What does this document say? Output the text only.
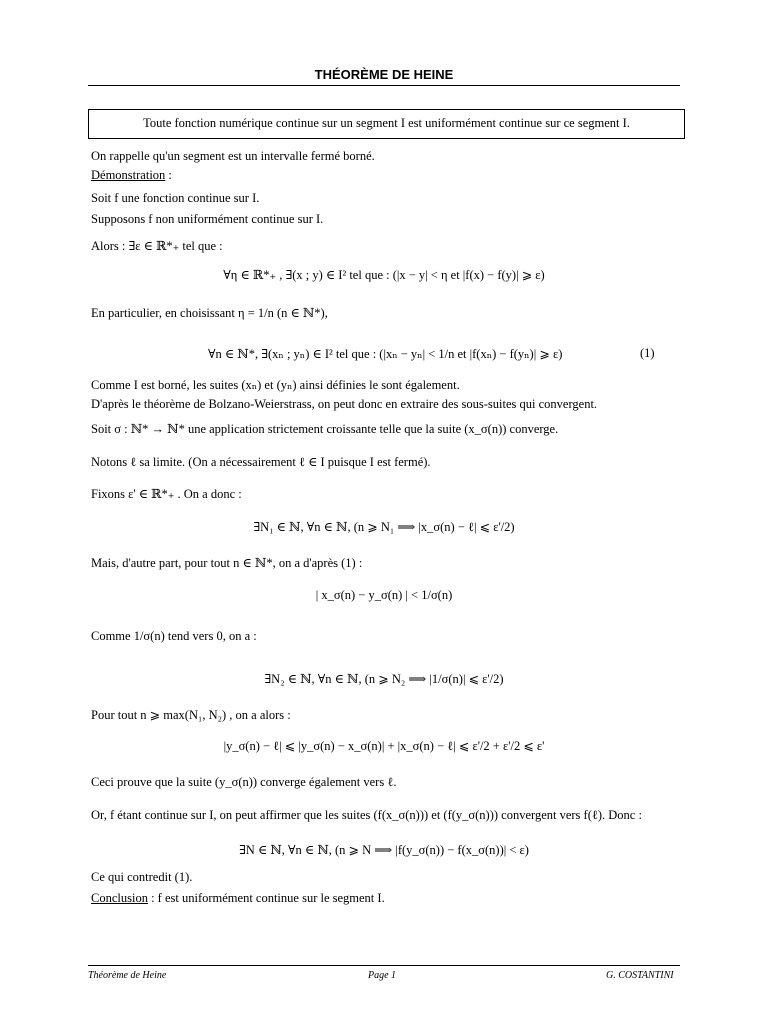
THÉORÈME DE HEINE
Toute fonction numérique continue sur un segment I est uniformément continue sur ce segment I.
On rappelle qu'un segment est un intervalle fermé borné.
Démonstration :
Soit f une fonction continue sur I.
Supposons f non uniformément continue sur I.
Alors : ∃ε ∈ ℝ*₊ tel que :
∀η ∈ ℝ*₊ , ∃(x ; y) ∈ I² tel que : (|x − y| < η et |f(x) − f(y)| ⩾ ε)
En particulier, en choisissant η = 1/n (n ∈ ℕ*),
∀n ∈ ℕ*, ∃(xₙ ; yₙ) ∈ I² tel que : (|xₙ − yₙ| < 1/n et |f(xₙ) − f(yₙ)| ⩾ ε)	(1)
Comme I est borné, les suites (xₙ) et (yₙ) ainsi définies le sont également.
D'après le théorème de Bolzano-Weierstrass, on peut donc en extraire des sous-suites qui convergent.
Soit σ : ℕ* → ℕ* une application strictement croissante telle que la suite (x_σ(n)) converge.
Notons ℓ sa limite. (On a nécessairement ℓ ∈ I puisque I est fermé).
Fixons ε' ∈ ℝ*₊ . On a donc :
∃N₁ ∈ ℕ, ∀n ∈ ℕ, (n ⩾ N₁ ⟹ |x_σ(n) − ℓ| ⩽ ε'/2)
Mais, d'autre part, pour tout n ∈ ℕ*, on a d'après (1) :
| x_σ(n) − y_σ(n) | < 1/σ(n)
Comme 1/σ(n) tend vers 0, on a :
∃N₂ ∈ ℕ, ∀n ∈ ℕ, (n ⩾ N₂ ⟹ |1/σ(n)| ⩽ ε'/2)
Pour tout n ⩾ max(N₁, N₂) , on a alors :
|y_σ(n) − ℓ| ⩽ |y_σ(n) − x_σ(n)| + |x_σ(n) − ℓ| ⩽ ε'/2 + ε'/2 ⩽ ε'
Ceci prouve que la suite (y_σ(n)) converge également vers ℓ.
Or, f étant continue sur I, on peut affirmer que les suites (f(x_σ(n))) et (f(y_σ(n))) convergent vers f(ℓ). Donc :
∃N ∈ ℕ, ∀n ∈ ℕ, (n ⩾ N ⟹ |f(y_σ(n)) − f(x_σ(n))| < ε)
Ce qui contredit (1).
Conclusion : f est uniformément continue sur le segment I.
Théorème de Heine	Page 1	G. COSTANTINI
